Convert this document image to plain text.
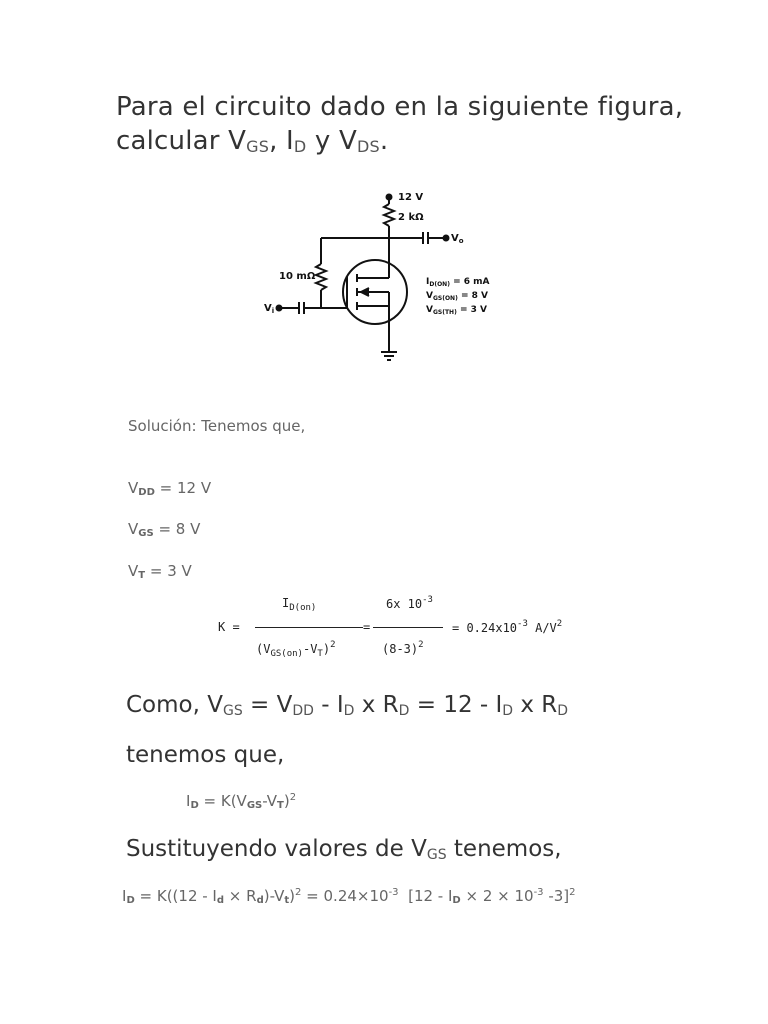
Para el circuito dado en la siguiente figura,
calcular $V_{GS}$, $I_D$ y $V_{DS}$.
12 V
2 kΩ
10 mΩ
$V_o$
$V_i$
$I_{D(ON)} = 6$ mA
$V_{GS(ON)} = 8$ V
$V_{GS(TH)} = 3$ V
Solución: Tenemos que,
$V_{DD} = 12$ V
$V_{GS} = 8$ V
$V_T = 3$ V
K =
$I_{D(on)}$
$(V_{GS(on)}-V_T)^2$
=
6x $10^{-3}$
$(8-3)^2$
= $0.24x10^{-3}$ $A/V^2$
Como, $V_{GS} = V_{DD} - I_D$ x $R_D = 12 - I_D$ x $R_D$
tenemos que,
$I_D = K(V_{GS}-V_T)^2$
Sustituyendo valores de $V_{GS}$ tenemos,
$I_D = K((12 - I_d \times R_d)-V_t)^2 = 0.24\times 10^{-3}$  [$12 - I_D \times 2 \times 10^{-3}$ -3]$^2$
